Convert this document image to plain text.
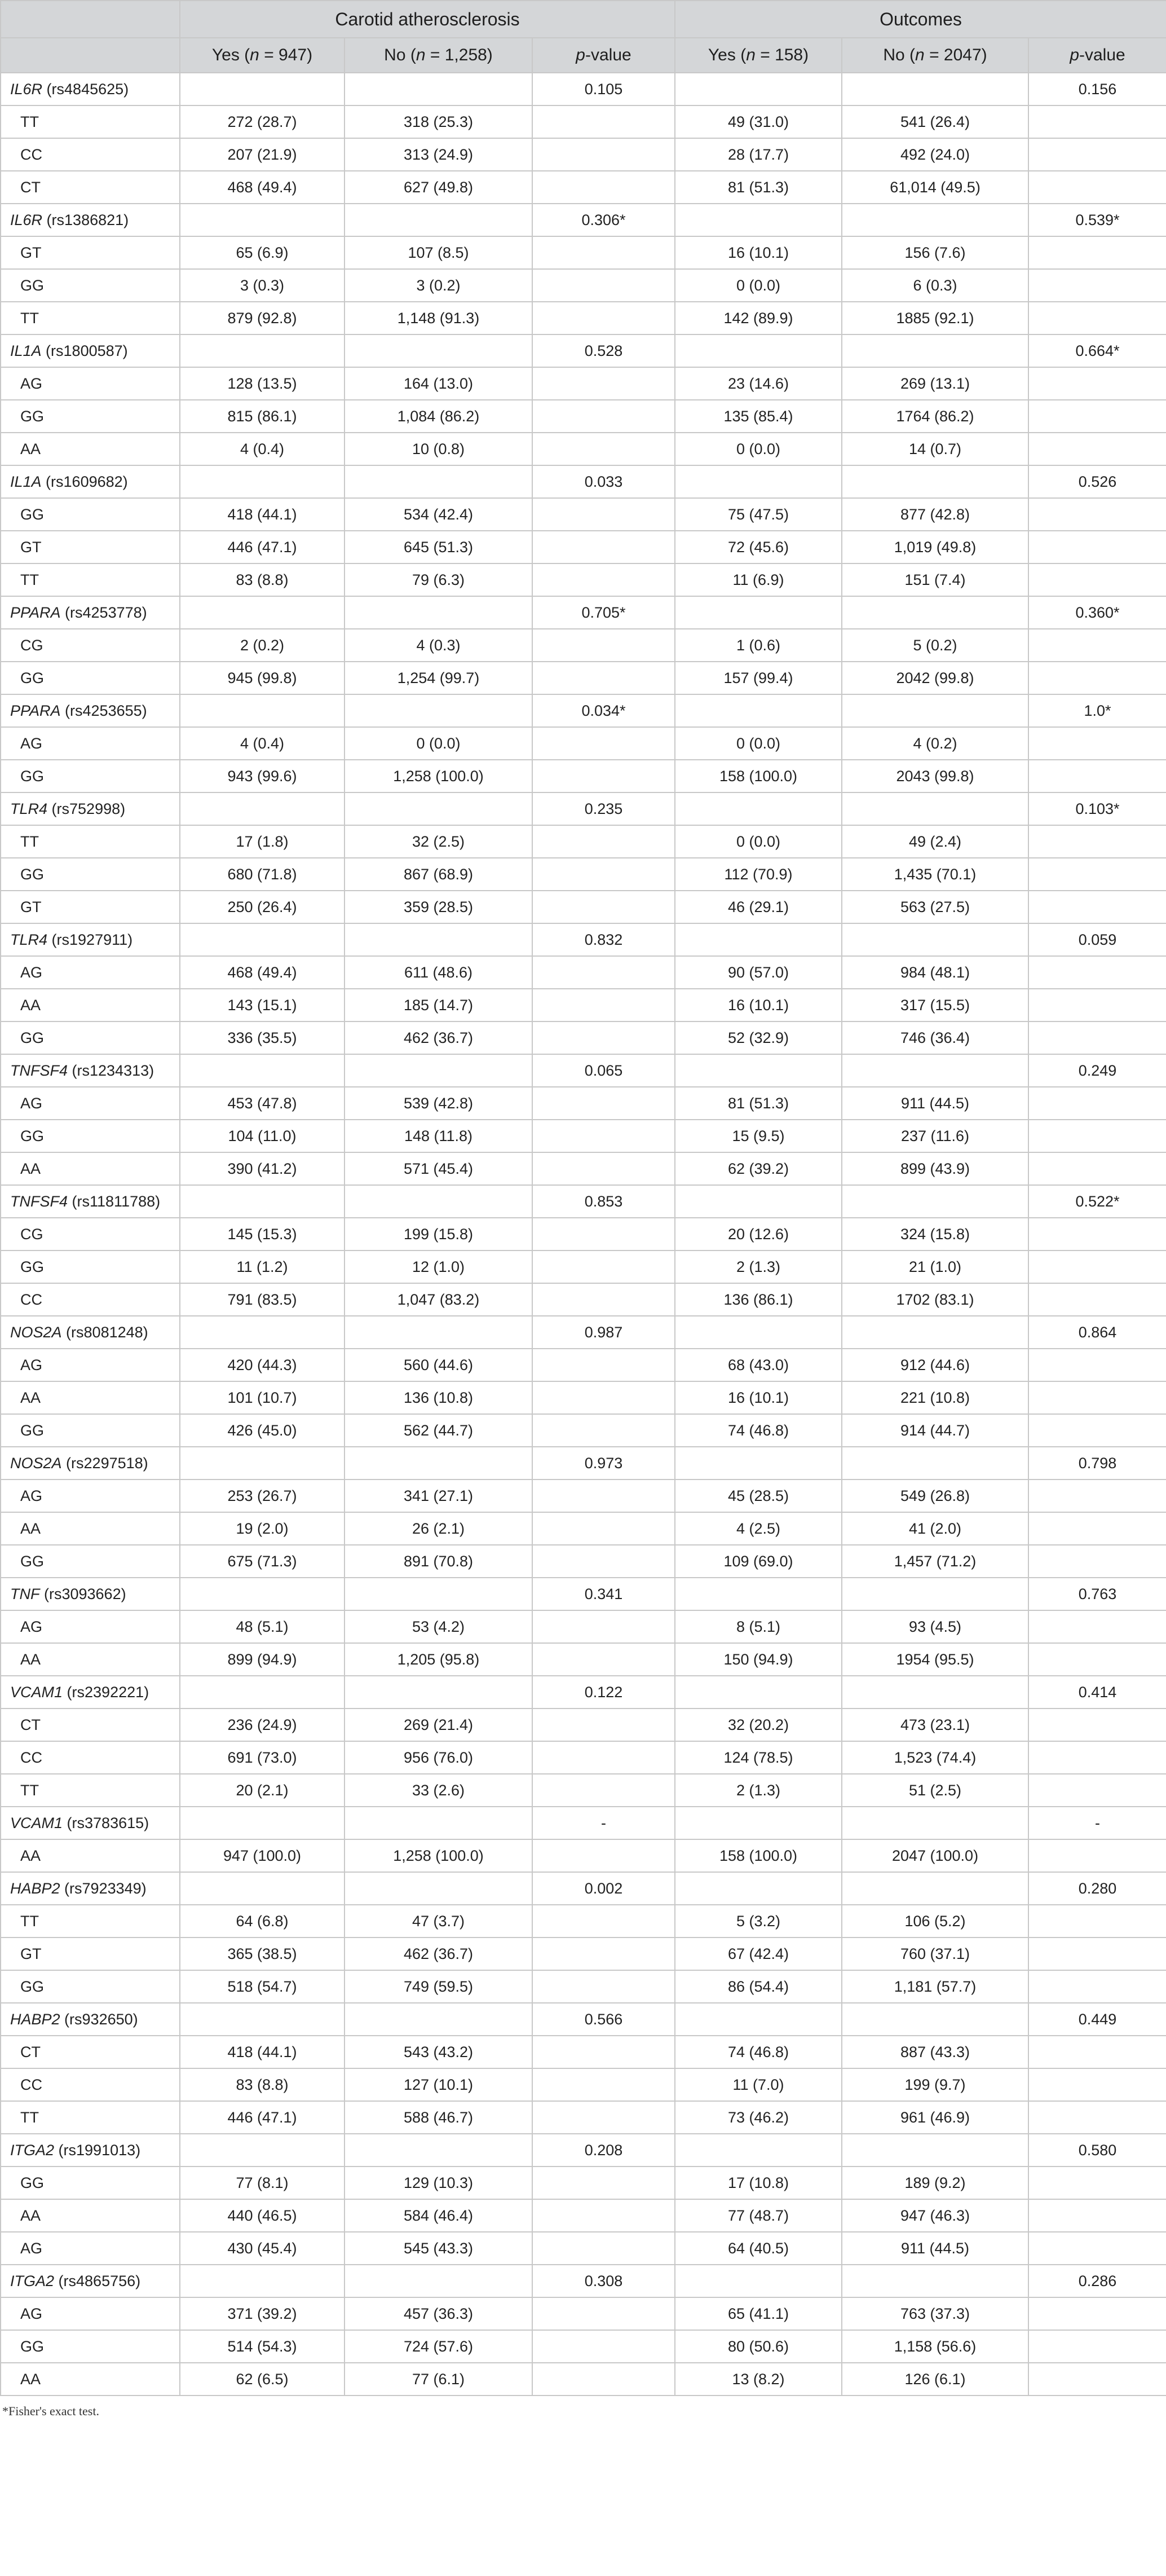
	Carotid atherosclerosis			Outcomes		
	Yes (n = 947)	No (n = 1,258)	p-value	Yes (n = 158)	No (n = 2047)	p-value
IL6R (rs4845625)			0.105			0.156
TT	272 (28.7)	318 (25.3)		49 (31.0)	541 (26.4)	
CC	207 (21.9)	313 (24.9)		28 (17.7)	492 (24.0)	
CT	468 (49.4)	627 (49.8)		81 (51.3)	61,014 (49.5)	
IL6R (rs1386821)			0.306*			0.539*
GT	65 (6.9)	107 (8.5)		16 (10.1)	156 (7.6)	
GG	3 (0.3)	3 (0.2)		0 (0.0)	6 (0.3)	
TT	879 (92.8)	1,148 (91.3)		142 (89.9)	1885 (92.1)	
IL1A (rs1800587)			0.528			0.664*
AG	128 (13.5)	164 (13.0)		23 (14.6)	269 (13.1)	
GG	815 (86.1)	1,084 (86.2)		135 (85.4)	1764 (86.2)	
AA	4 (0.4)	10 (0.8)		0 (0.0)	14 (0.7)	
IL1A (rs1609682)			0.033			0.526
GG	418 (44.1)	534 (42.4)		75 (47.5)	877 (42.8)	
GT	446 (47.1)	645 (51.3)		72 (45.6)	1,019 (49.8)	
TT	83 (8.8)	79 (6.3)		11 (6.9)	151 (7.4)	
PPARA (rs4253778)			0.705*			0.360*
CG	2 (0.2)	4 (0.3)		1 (0.6)	5 (0.2)	
GG	945 (99.8)	1,254 (99.7)		157 (99.4)	2042 (99.8)	
PPARA (rs4253655)			0.034*			1.0*
AG	4 (0.4)	0 (0.0)		0 (0.0)	4 (0.2)	
GG	943 (99.6)	1,258 (100.0)		158 (100.0)	2043 (99.8)	
TLR4 (rs752998)			0.235			0.103*
TT	17 (1.8)	32 (2.5)		0 (0.0)	49 (2.4)	
GG	680 (71.8)	867 (68.9)		112 (70.9)	1,435 (70.1)	
GT	250 (26.4)	359 (28.5)		46 (29.1)	563 (27.5)	
TLR4 (rs1927911)			0.832			0.059
AG	468 (49.4)	611 (48.6)		90 (57.0)	984 (48.1)	
AA	143 (15.1)	185 (14.7)		16 (10.1)	317 (15.5)	
GG	336 (35.5)	462 (36.7)		52 (32.9)	746 (36.4)	
TNFSF4 (rs1234313)			0.065			0.249
AG	453 (47.8)	539 (42.8)		81 (51.3)	911 (44.5)	
GG	104 (11.0)	148 (11.8)		15 (9.5)	237 (11.6)	
AA	390 (41.2)	571 (45.4)		62 (39.2)	899 (43.9)	
TNFSF4 (rs11811788)			0.853			0.522*
CG	145 (15.3)	199 (15.8)		20 (12.6)	324 (15.8)	
GG	11 (1.2)	12 (1.0)		2 (1.3)	21 (1.0)	
CC	791 (83.5)	1,047 (83.2)		136 (86.1)	1702 (83.1)	
NOS2A (rs8081248)			0.987			0.864
AG	420 (44.3)	560 (44.6)		68 (43.0)	912 (44.6)	
AA	101 (10.7)	136 (10.8)		16 (10.1)	221 (10.8)	
GG	426 (45.0)	562 (44.7)		74 (46.8)	914 (44.7)	
NOS2A (rs2297518)			0.973			0.798
AG	253 (26.7)	341 (27.1)		45 (28.5)	549 (26.8)	
AA	19 (2.0)	26 (2.1)		4 (2.5)	41 (2.0)	
GG	675 (71.3)	891 (70.8)		109 (69.0)	1,457 (71.2)	
TNF (rs3093662)			0.341			0.763
AG	48 (5.1)	53 (4.2)		8 (5.1)	93 (4.5)	
AA	899 (94.9)	1,205 (95.8)		150 (94.9)	1954 (95.5)	
VCAM1 (rs2392221)			0.122			0.414
CT	236 (24.9)	269 (21.4)		32 (20.2)	473 (23.1)	
CC	691 (73.0)	956 (76.0)		124 (78.5)	1,523 (74.4)	
TT	20 (2.1)	33 (2.6)		2 (1.3)	51 (2.5)	
VCAM1 (rs3783615)			-			-
AA	947 (100.0)	1,258 (100.0)		158 (100.0)	2047 (100.0)	
HABP2 (rs7923349)			0.002			0.280
TT	64 (6.8)	47 (3.7)		5 (3.2)	106 (5.2)	
GT	365 (38.5)	462 (36.7)		67 (42.4)	760 (37.1)	
GG	518 (54.7)	749 (59.5)		86 (54.4)	1,181 (57.7)	
HABP2 (rs932650)			0.566			0.449
CT	418 (44.1)	543 (43.2)		74 (46.8)	887 (43.3)	
CC	83 (8.8)	127 (10.1)		11 (7.0)	199 (9.7)	
TT	446 (47.1)	588 (46.7)		73 (46.2)	961 (46.9)	
ITGA2 (rs1991013)			0.208			0.580
GG	77 (8.1)	129 (10.3)		17 (10.8)	189 (9.2)	
AA	440 (46.5)	584 (46.4)		77 (48.7)	947 (46.3)	
AG	430 (45.4)	545 (43.3)		64 (40.5)	911 (44.5)	
ITGA2 (rs4865756)			0.308			0.286
AG	371 (39.2)	457 (36.3)		65 (41.1)	763 (37.3)	
GG	514 (54.3)	724 (57.6)		80 (50.6)	1,158 (56.6)	
AA	62 (6.5)	77 (6.1)		13 (8.2)	126 (6.1)	
*Fisher's exact test.
